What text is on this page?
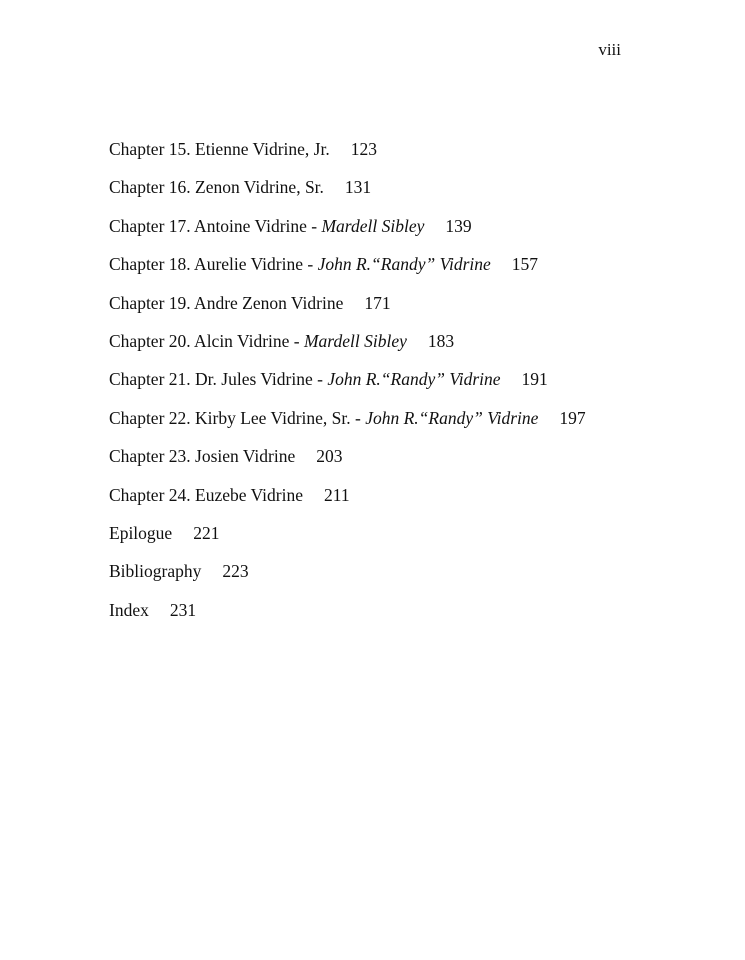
viii
Chapter 15. Etienne Vidrine, Jr. 123
Chapter 16. Zenon Vidrine, Sr. 131
Chapter 17. Antoine Vidrine - Mardell Sibley 139
Chapter 18. Aurelie Vidrine - John R.“Randy” Vidrine 157
Chapter 19. Andre Zenon Vidrine 171
Chapter 20. Alcin Vidrine - Mardell Sibley 183
Chapter 21. Dr. Jules Vidrine - John R.“Randy” Vidrine 191
Chapter 22. Kirby Lee Vidrine, Sr. - John R.“Randy” Vidrine 197
Chapter 23. Josien Vidrine 203
Chapter 24. Euzebe Vidrine 211
Epilogue 221
Bibliography 223
Index 231
